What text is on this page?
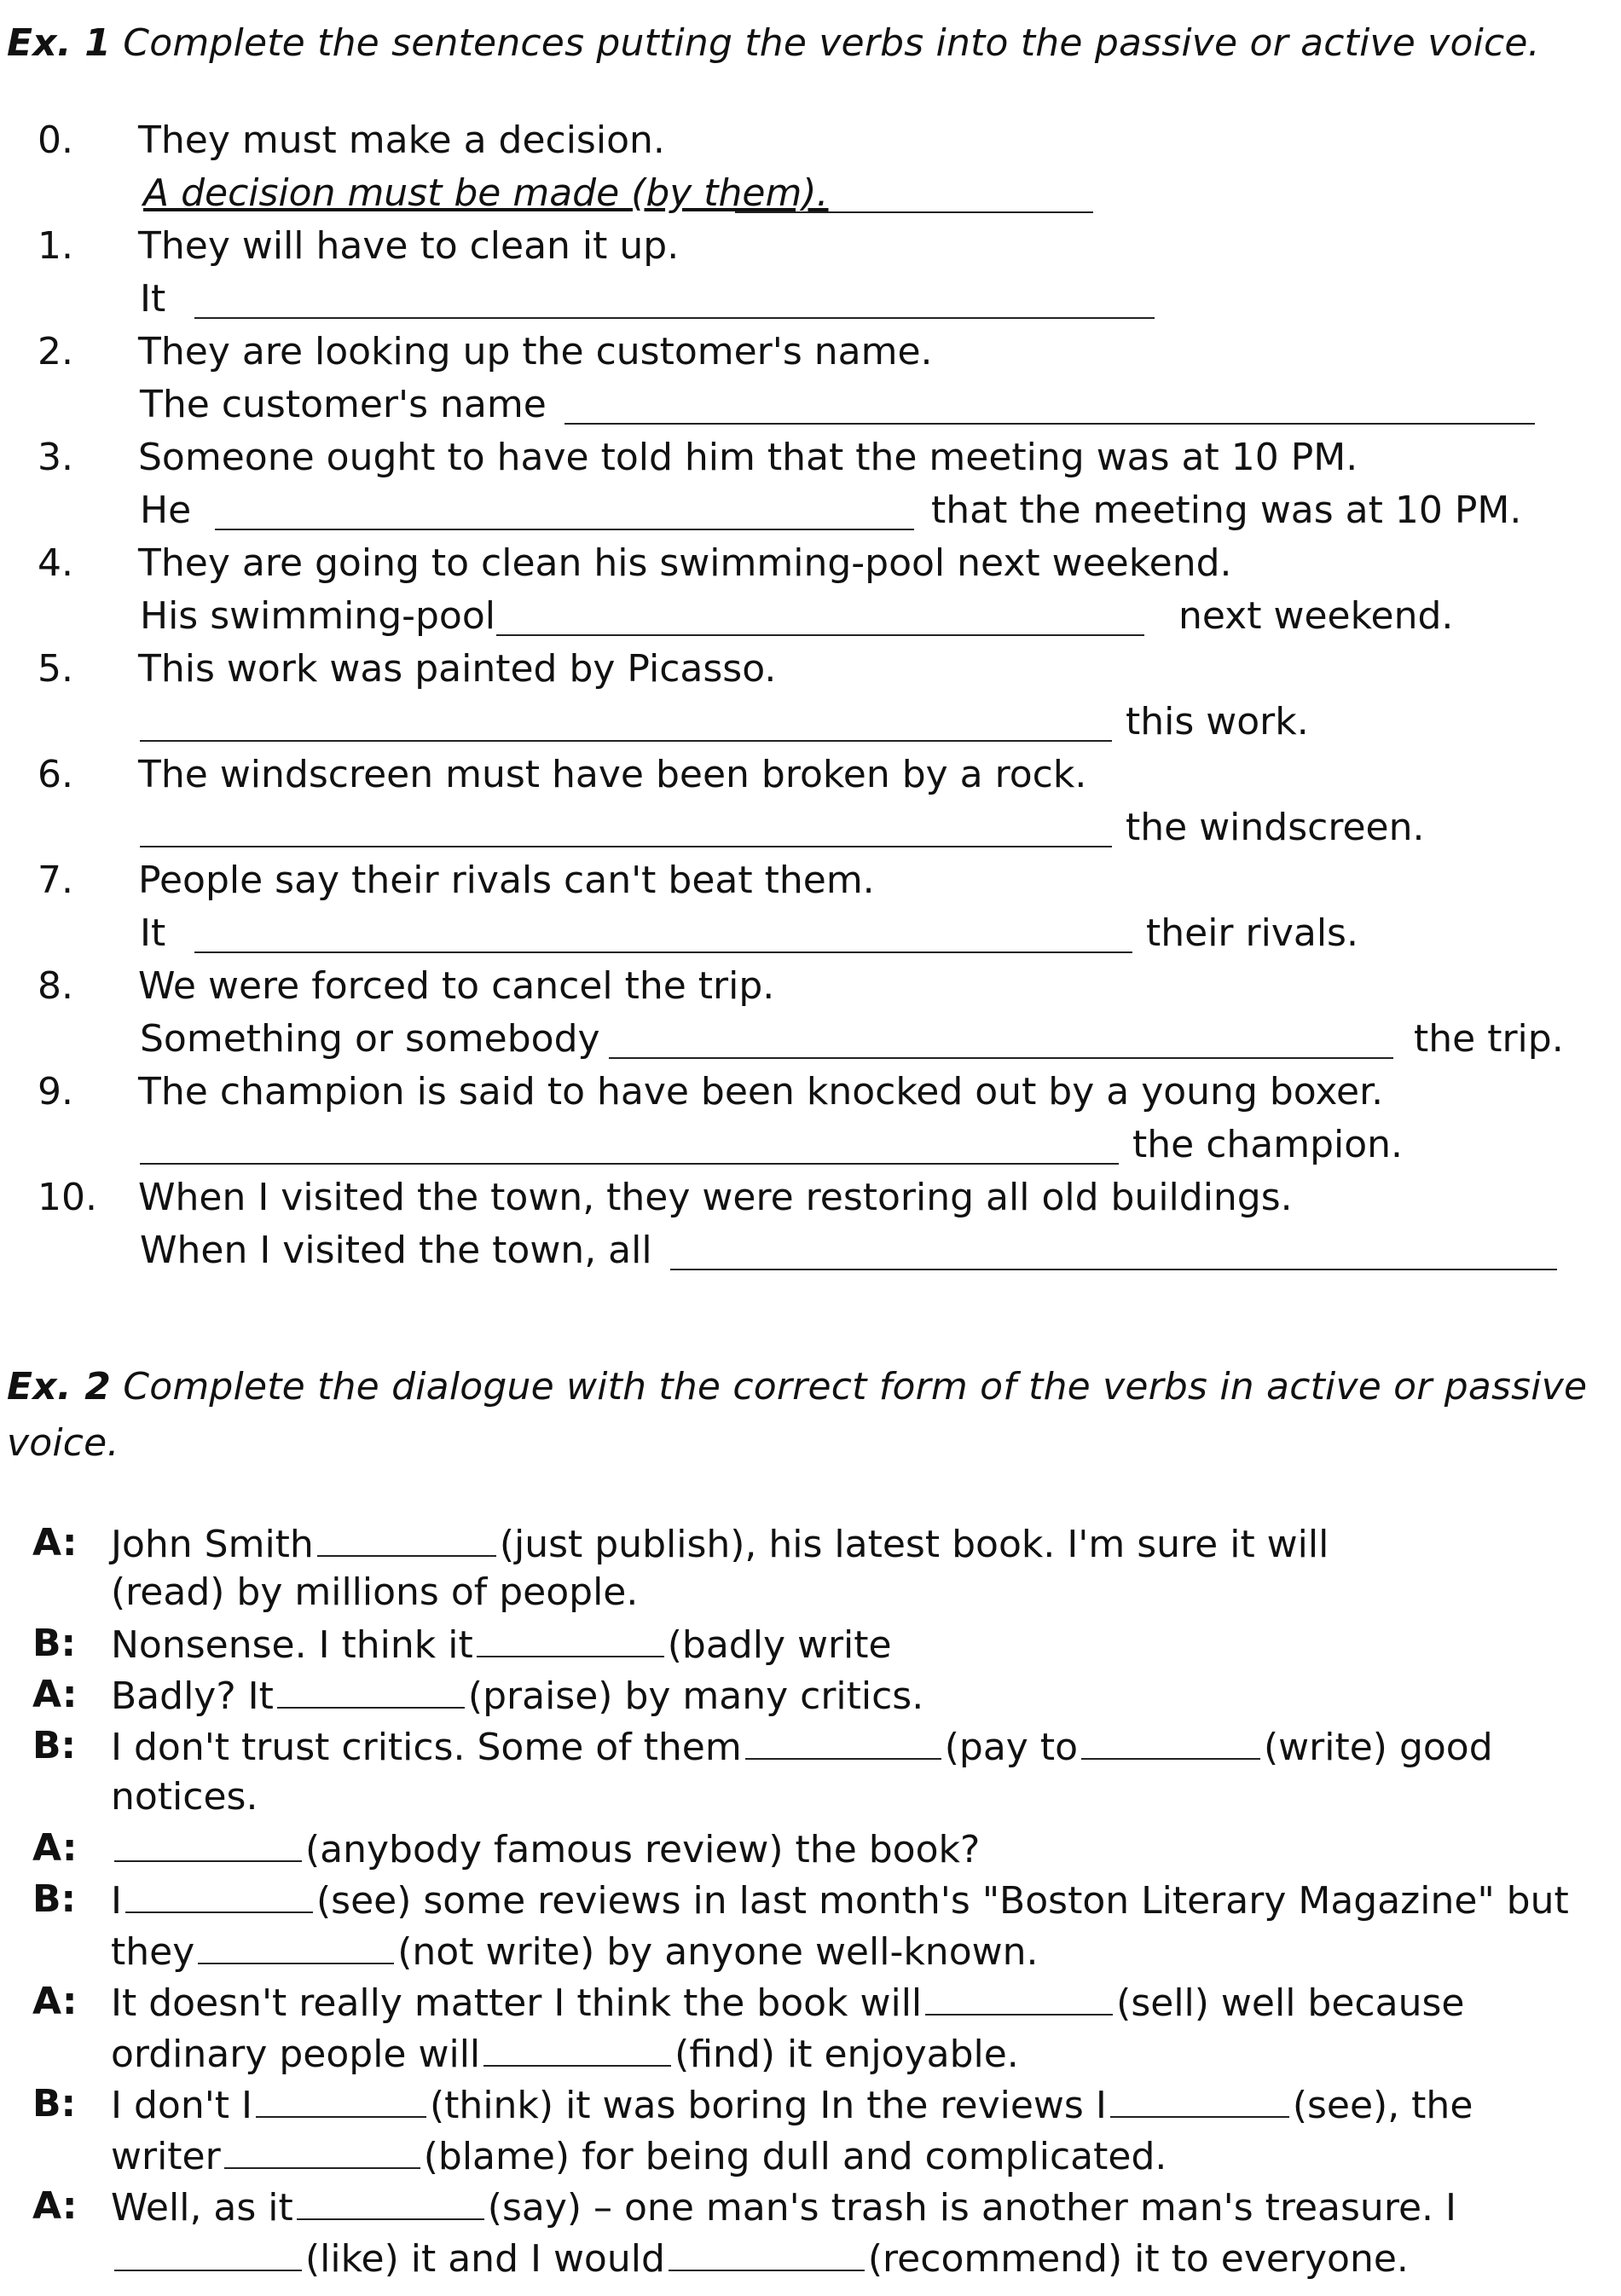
Ex. 1 Complete the sentences putting the verbs into the passive or active voice.
0. They must make a decision.
A decision must be made (by them).
1. They will have to clean it up.
It
2. They are looking up the customer's name.
The customer's name
3. Someone ought to have told him that the meeting was at 10 PM.
He	that the meeting was at 10 PM.
4. They are going to clean his swimming-pool next weekend.
His swimming-pool	next weekend.
5. This work was painted by Picasso.
this work.
6. The windscreen must have been broken by a rock.
the windscreen.
7. People say their rivals can't beat them.
It	their rivals.
8. We were forced to cancel the trip.
Something or somebody	the trip.
9. The champion is said to have been knocked out by a young boxer.
the champion.
10. When I visited the town, they were restoring all old buildings.
When I visited the town, all
Ex. 2 Complete the dialogue with the correct form of the verbs in active or passive
voice.
A: John Smith	(just publish), his latest book. I'm sure it will
(read) by millions of people.
B: Nonsense. I think it	(badly write
A: Badly? It	(praise) by many critics.
B: I don't trust critics. Some of them	(pay to	(write) good
notices.
A:	(anybody famous review) the book?
B: I	(see) some reviews in last month's "Boston Literary Magazine" but
they	(not write) by anyone well-known.
A: It doesn't really matter I think the book will	(sell) well because
ordinary people will	(find) it enjoyable.
B: I don't I	(think) it was boring In the reviews I	(see), the
writer	(blame) for being dull and complicated.
A: Well, as it	(say) – one man's trash is another man's treasure. I
(like) it and I would	(recommend) it to everyone.
